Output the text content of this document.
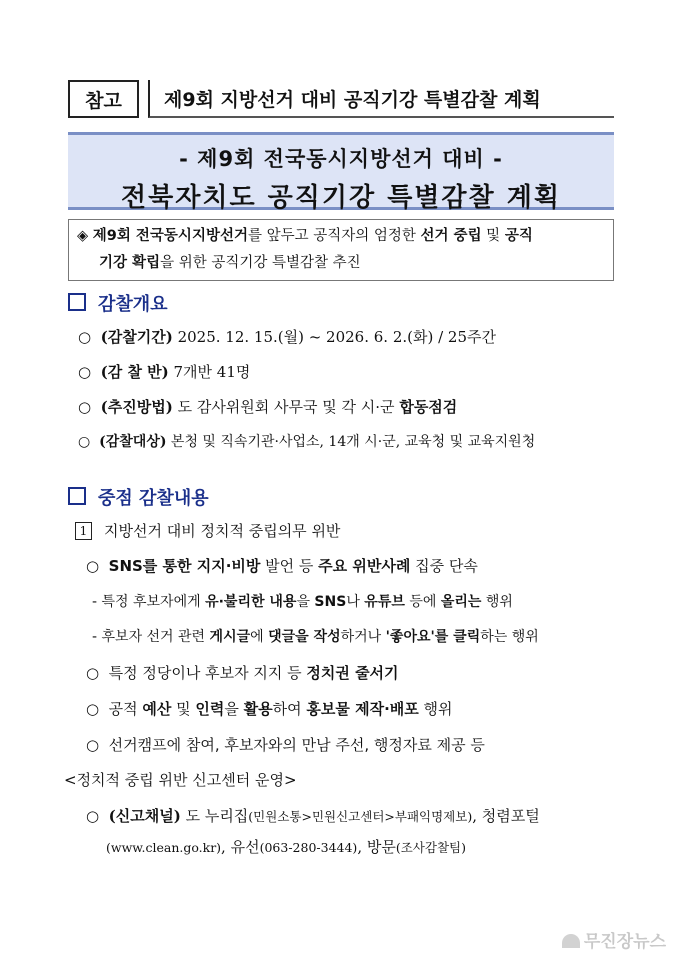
참고	제9회 지방선거 대비 공직기강 특별감찰 계획
- 제9회 전국동시지방선거 대비 -
전북자치도 공직기강 특별감찰 계획
◈ 제9회 전국동시지방선거를 앞두고 공직자의 엄정한 선거 중립 및 공직
기강 확립을 위한 공직기강 특별감찰 추진
감찰개요
○ (감찰기간) 2025. 12. 15.(월) ~ 2026. 6. 2.(화) / 25주간
○ (감 찰 반) 7개반 41명
○ (추진방법) 도 감사위원회 사무국 및 각 시·군 합동점검
○ (감찰대상) 본청 및 직속기관·사업소, 14개 시·군, 교육청 및 교육지원청
중점 감찰내용
1 지방선거 대비 정치적 중립의무 위반
○ SNS를 통한 지지·비방 발언 등 주요 위반사례 집중 단속
- 특정 후보자에게 유·불리한 내용을 SNS나 유튜브 등에 올리는 행위
- 후보자 선거 관련 게시글에 댓글을 작성하거나 '좋아요'를 클릭하는 행위
○ 특정 정당이나 후보자 지지 등 정치권 줄서기
○ 공적 예산 및 인력을 활용하여 홍보물 제작·배포 행위
○ 선거캠프에 참여, 후보자와의 만남 주선, 행정자료 제공 등
<정치적 중립 위반 신고센터 운영>
○ (신고채널) 도 누리집(민원소통>민원신고센터>부패익명제보), 청렴포털
(www.clean.go.kr), 유선(063-280-3444), 방문(조사감찰팀)
무진장뉴스
